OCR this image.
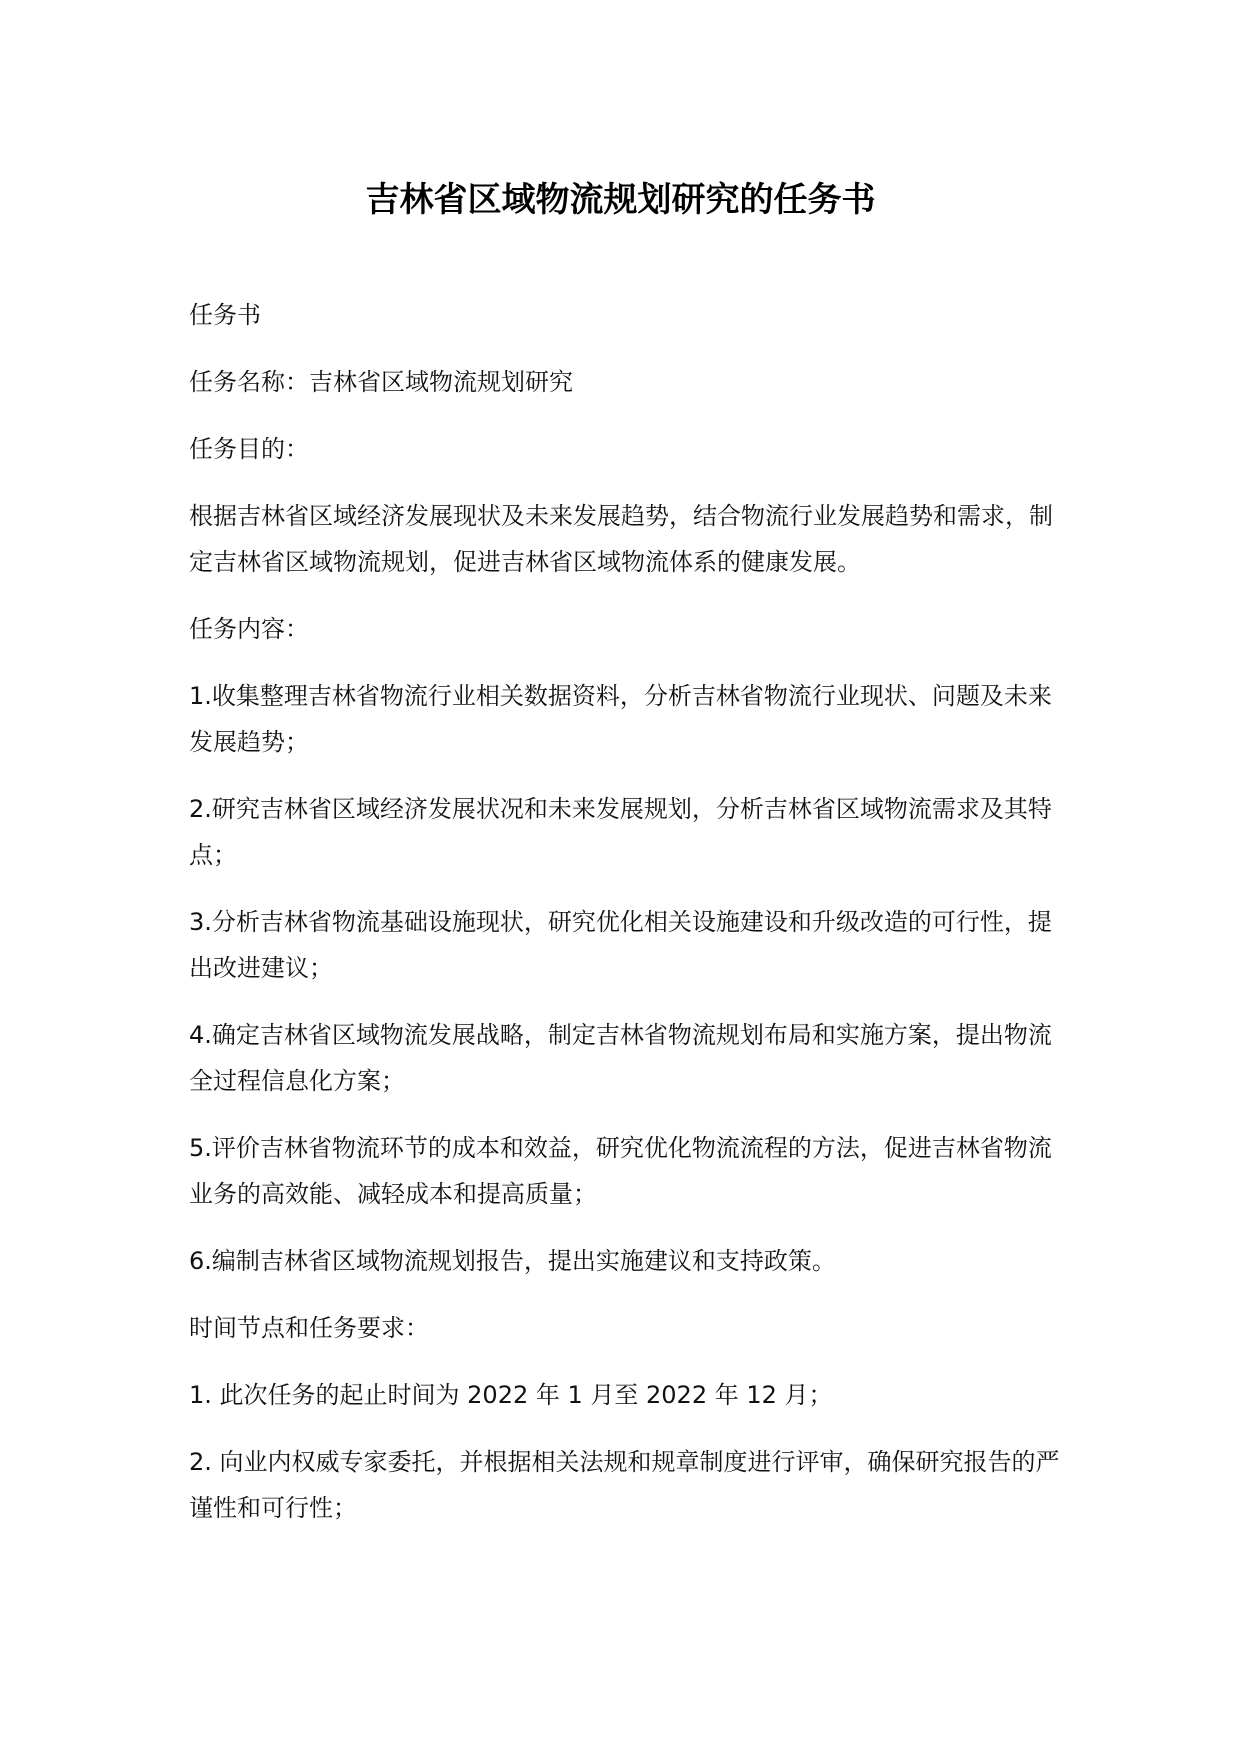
吉林省区域物流规划研究的任务书

任务书

任务名称：吉林省区域物流规划研究

任务目的：

根据吉林省区域经济发展现状及未来发展趋势，结合物流行业发展趋势和需求，制定吉林省区域物流规划，促进吉林省区域物流体系的健康发展。

任务内容：

1.收集整理吉林省物流行业相关数据资料，分析吉林省物流行业现状、问题及未来发展趋势；

2.研究吉林省区域经济发展状况和未来发展规划，分析吉林省区域物流需求及其特点；

3.分析吉林省物流基础设施现状，研究优化相关设施建设和升级改造的可行性，提出改进建议；

4.确定吉林省区域物流发展战略，制定吉林省物流规划布局和实施方案，提出物流全过程信息化方案；

5.评价吉林省物流环节的成本和效益，研究优化物流流程的方法，促进吉林省物流业务的高效能、减轻成本和提高质量；

6.编制吉林省区域物流规划报告，提出实施建议和支持政策。

时间节点和任务要求：

1. 此次任务的起止时间为 2022 年 1 月至 2022 年 12 月；

2. 向业内权威专家委托，并根据相关法规和规章制度进行评审，确保研究报告的严谨性和可行性；
